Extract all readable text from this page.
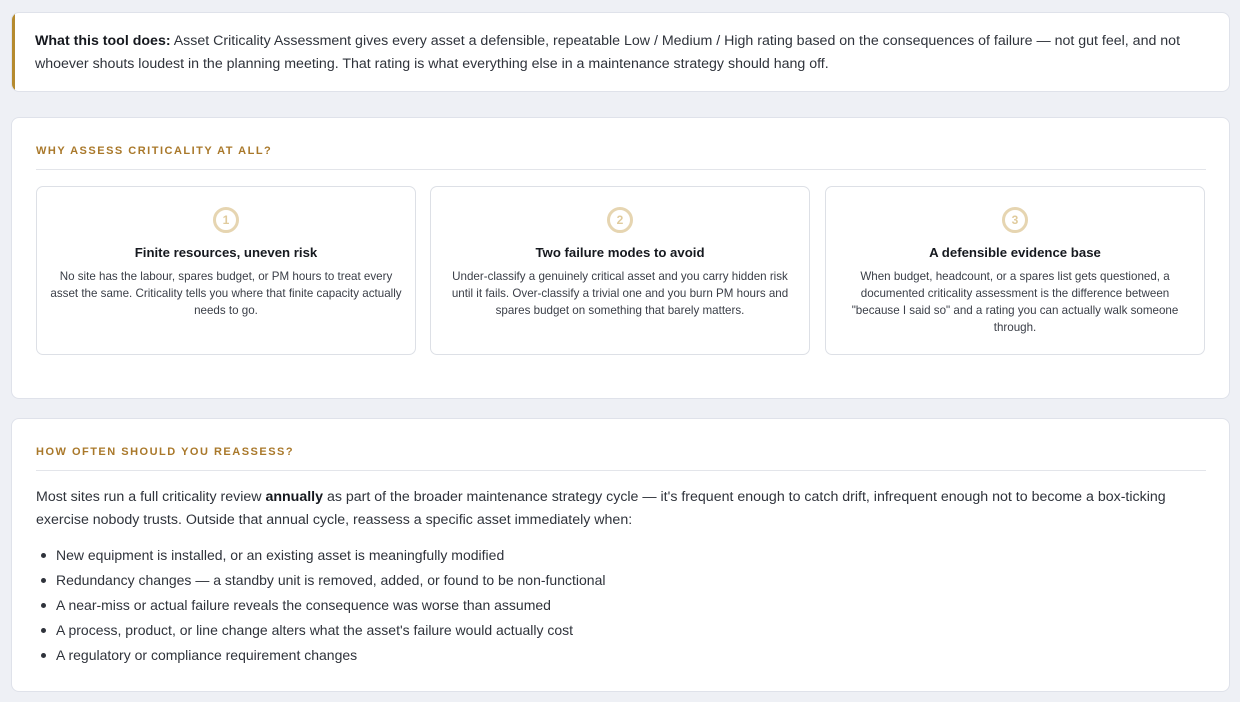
What this tool does: Asset Criticality Assessment gives every asset a defensible, repeatable Low / Medium / High rating based on the consequences of failure — not gut feel, and not whoever shouts loudest in the planning meeting. That rating is what everything else in a maintenance strategy should hang off.

WHY ASSESS CRITICALITY AT ALL?
1
Finite resources, uneven risk

No site has the labour, spares budget, or PM hours to treat every asset the same. Criticality tells you where that finite capacity actually needs to go.

2
Two failure modes to avoid

Under-classify a genuinely critical asset and you carry hidden risk until it fails. Over-classify a trivial one and you burn PM hours and spares budget on something that barely matters.

3
A defensible evidence base

When budget, headcount, or a spares list gets questioned, a documented criticality assessment is the difference between "because I said so" and a rating you can actually walk someone through.

HOW OFTEN SHOULD YOU REASSESS?

Most sites run a full criticality review annually as part of the broader maintenance strategy cycle — it's frequent enough to catch drift, infrequent enough not to become a box-ticking exercise nobody trusts. Outside that annual cycle, reassess a specific asset immediately when:

New equipment is installed, or an existing asset is meaningfully modified
Redundancy changes — a standby unit is removed, added, or found to be non-functional
A near-miss or actual failure reveals the consequence was worse than assumed
A process, product, or line change alters what the asset's failure would actually cost
A regulatory or compliance requirement changes
